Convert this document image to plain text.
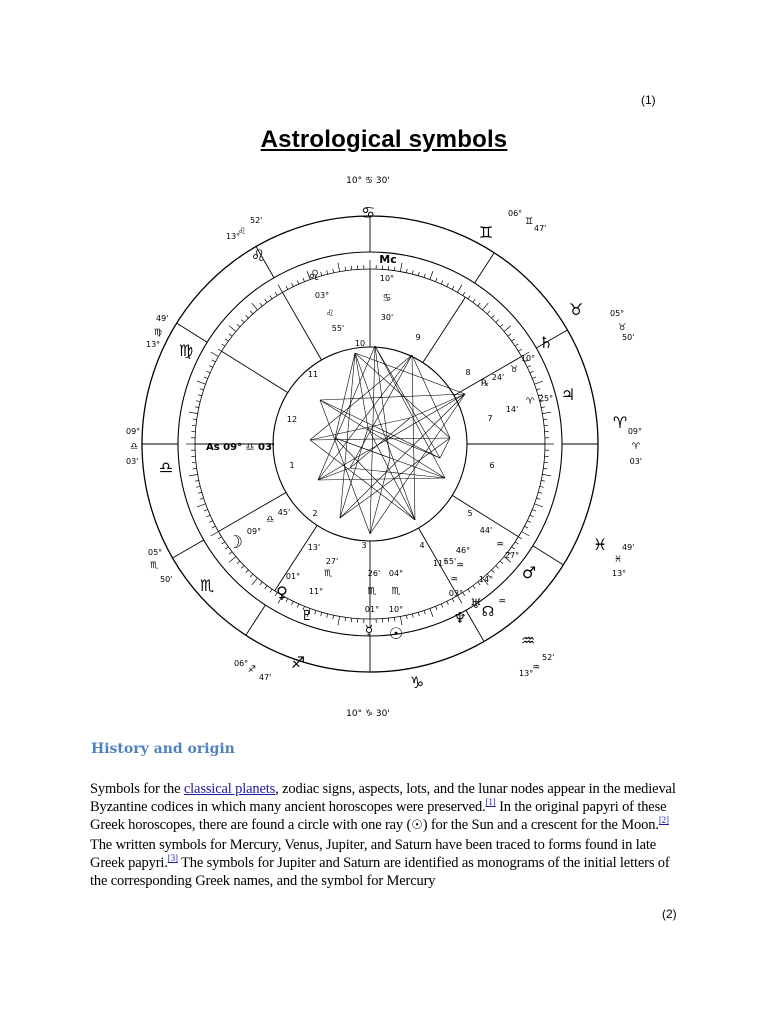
(1)
Astrological symbols
10° ♋ 30'
10° ♑ 30'
Mc
As 09° ♎ 03'
♋
♊
♉
♈
♓
♒
♑
♐
♏
♎
♍
♌
52'
13°
♌
06°
♊
47'
49'
♍
13°
05°
♉
50'
09°
♎
03'
09°
♈
03'
05°
♏
50'
49'
♓
13°
06°
♐
47'
52'
♒
13°
10°
♋
30'
♌
03°
♌
55'
♄
10°
♉
24'
℞
♃
25°
♈
14'
☽
45'
♎
09°
13'
27'
♏
01°
11°
♀
♇
26' 04°
♏ ♏
01° 10°
☿ ☉
11°
55'
♒
♒
03°
14°
♆
♅ ☊
♒
44'
♒
46°
27°
♂
1
2
3	4
5
6
7
8
9
10
11
12
History and origin
Symbols for the classical planets, zodiac signs, aspects, lots, and the lunar nodes appear in the medieval Byzantine codices in which many ancient horoscopes were preserved.[1] In the original papyri of these Greek horoscopes, there are found a circle with one ray (☉) for the Sun and a crescent for the Moon.[2] The written symbols for Mercury, Venus, Jupiter, and Saturn have been traced to forms found in late Greek papyri.[3] The symbols for Jupiter and Saturn are identified as monograms of the initial letters of the corresponding Greek names, and the symbol for Mercury
(2)
